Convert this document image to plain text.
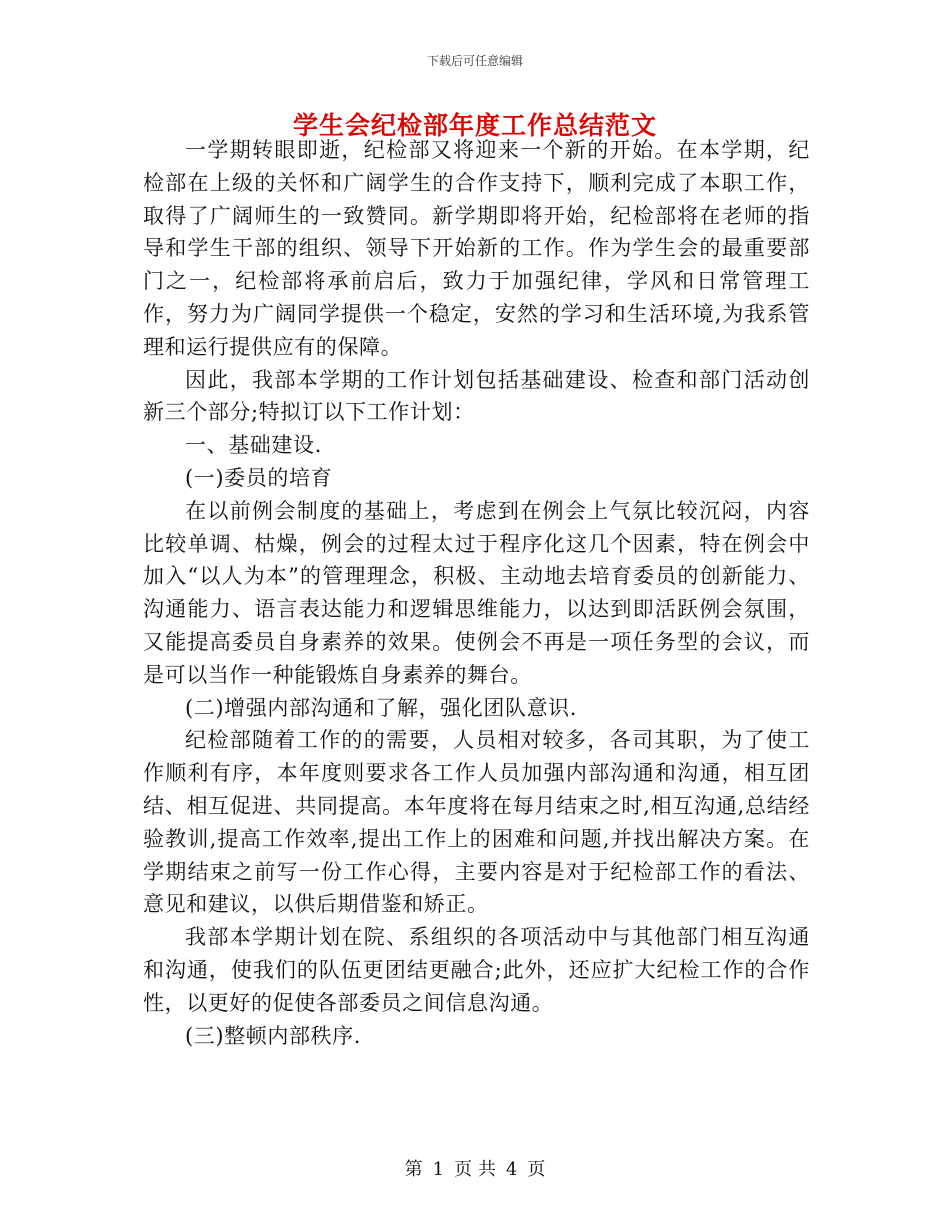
下载后可任意编辑
学生会纪检部年度工作总结范文

一学期转眼即逝，纪检部又将迎来一个新的开始。在本学期，纪检部在上级的关怀和广阔学生的合作支持下，顺利完成了本职工作，取得了广阔师生的一致赞同。新学期即将开始，纪检部将在老师的指导和学生干部的组织、领导下开始新的工作。作为学生会的最重要部门之一，纪检部将承前启后，致力于加强纪律，学风和日常管理工作，努力为广阔同学提供一个稳定，安然的学习和生活环境,为我系管理和运行提供应有的保障。

因此，我部本学期的工作计划包括基础建设、检查和部门活动创新三个部分;特拟订以下工作计划：

一、基础建设.

(一)委员的培育

在以前例会制度的基础上，考虑到在例会上气氛比较沉闷，内容比较单调、枯燥，例会的过程太过于程序化这几个因素，特在例会中加入“以人为本”的管理理念，积极、主动地去培育委员的创新能力、沟通能力、语言表达能力和逻辑思维能力，以达到即活跃例会氛围，又能提高委员自身素养的效果。使例会不再是一项任务型的会议，而是可以当作一种能锻炼自身素养的舞台。

(二)增强内部沟通和了解，强化团队意识.

纪检部随着工作的的需要，人员相对较多，各司其职，为了使工作顺利有序，本年度则要求各工作人员加强内部沟通和沟通，相互团结、相互促进、共同提高。本年度将在每月结束之时,相互沟通,总结经验教训,提高工作效率,提出工作上的困难和问题,并找出解决方案。在学期结束之前写一份工作心得，主要内容是对于纪检部工作的看法、意见和建议，以供后期借鉴和矫正。

我部本学期计划在院、系组织的各项活动中与其他部门相互沟通和沟通，使我们的队伍更团结更融合;此外，还应扩大纪检工作的合作性，以更好的促使各部委员之间信息沟通。

(三)整顿内部秩序.

第 1 页 共 4 页
